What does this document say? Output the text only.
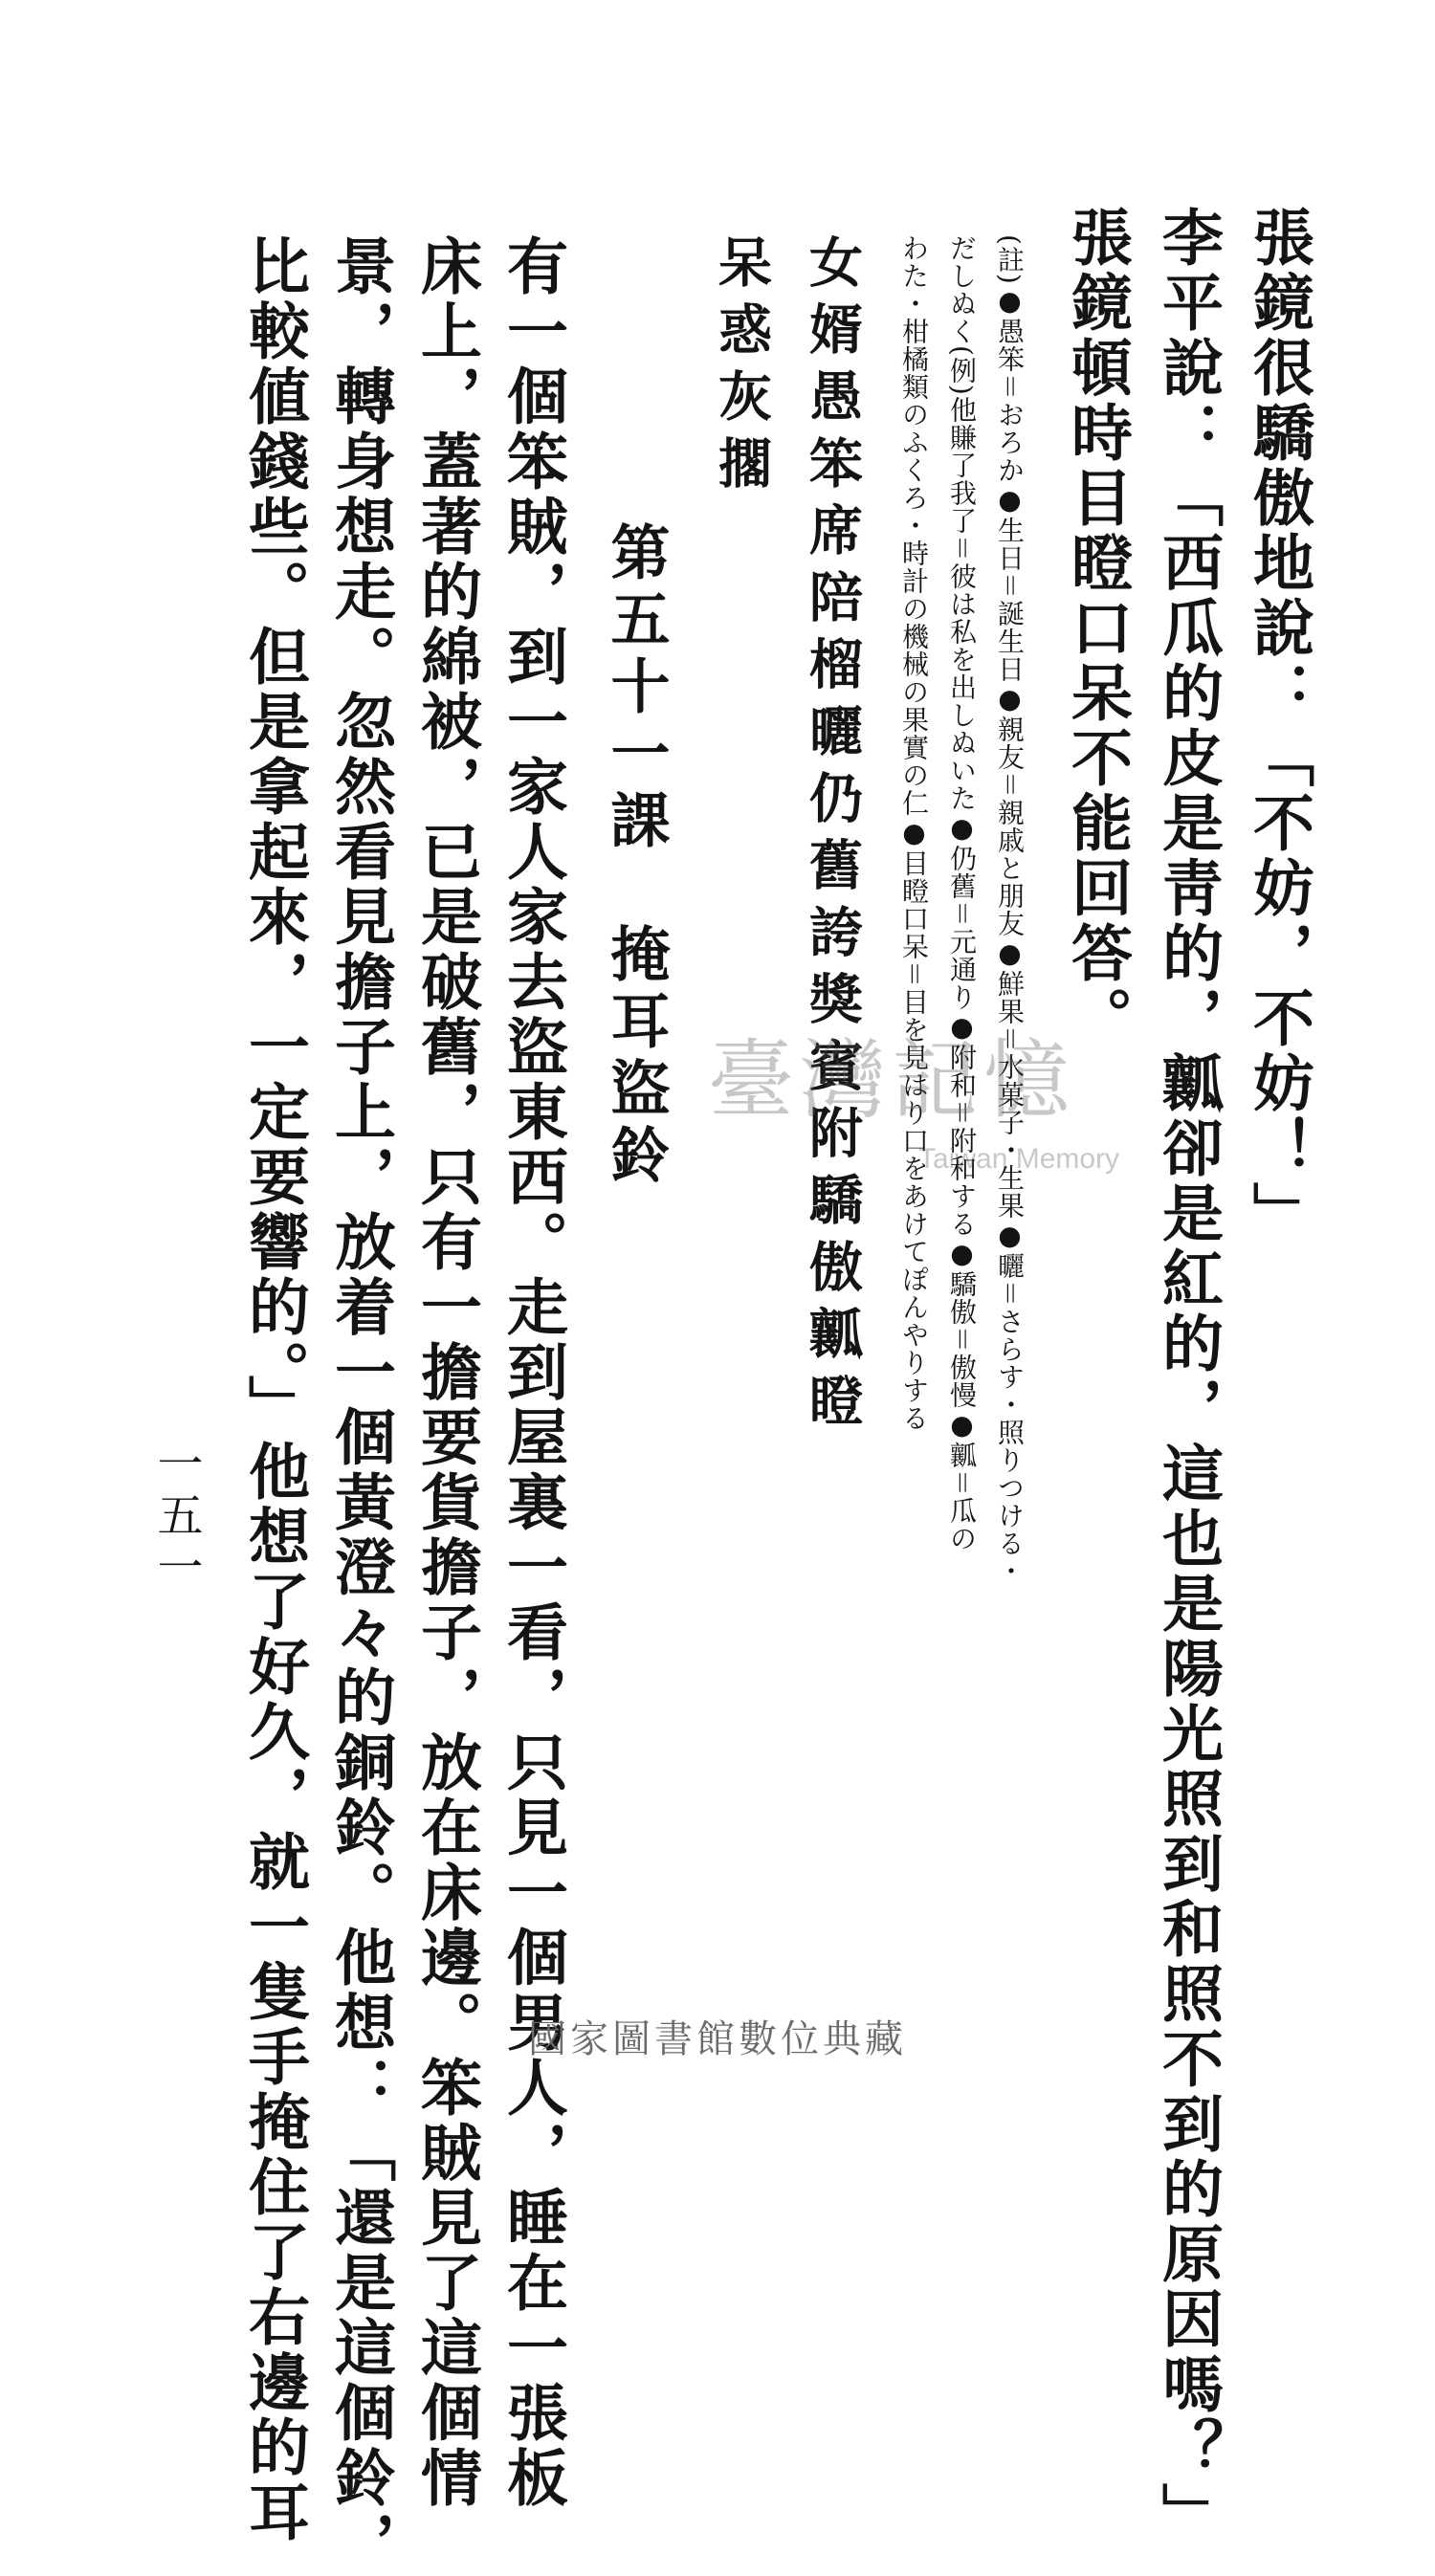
張鏡很驕傲地說：「不妨，不妨！」

李平說：「西瓜的皮是靑的，瓤卻是紅的，這也是陽光照到和照不到的原因嗎？」

張鏡頓時目瞪口呆不能回答。

(註)●愚笨＝おろか●生日＝誕生日●親友＝親戚と朋友●鮮果＝水菓子・生果●曬＝さらす・照りつける・

だしぬく(例)他賺了我了＝彼は私を出しぬいた●仍舊＝元通り●附和＝附和する●驕傲＝傲慢●瓤＝瓜の

わた・柑橘類のふくろ・時計の機械の果實の仁●目瞪口呆＝目を見はり口をあけてぽんやりする

女婿愚笨席陪榴曬仍舊誇獎賓附驕傲瓤瞪

呆惑灰擱

第五十一課　掩耳盜鈴

有一個笨賊，到一家人家去盜東西。走到屋裏一看，只見一個男人，睡在一張板

床上，蓋著的綿被，已是破舊，只有一擔要貨擔子，放在床邊。笨賊見了這個情

景，轉身想走。忽然看見擔子上，放着一個黃澄々的銅鈴。他想：「還是這個鈴，

比較値錢些。但是拿起來，一定要響的。」他想了好久，就一隻手掩住了右邊的耳

一五一

臺灣記憶
Taiwan Memory
國家圖書館數位典藏
